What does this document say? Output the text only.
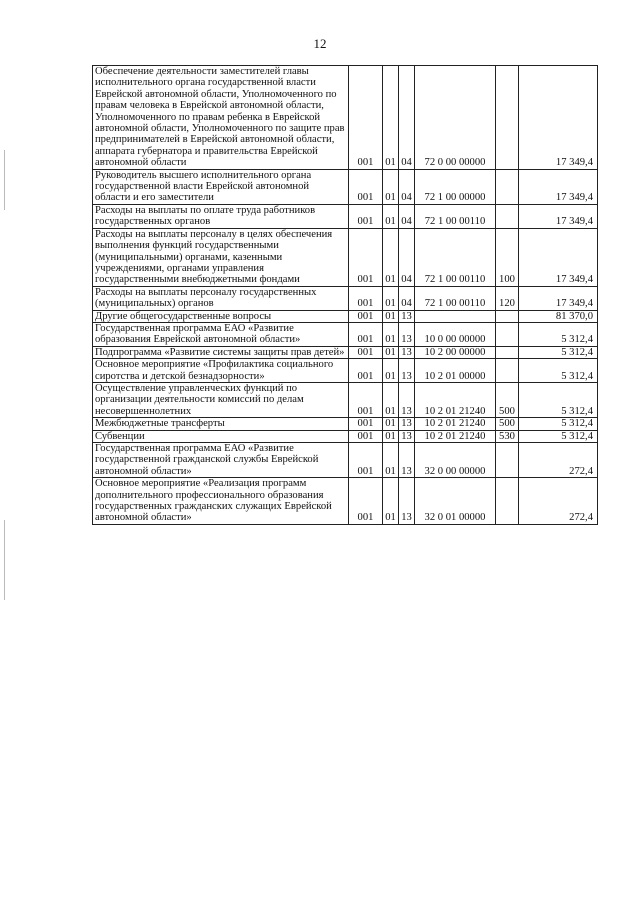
12
Обеспечение деятельности заместителей главы исполнительного органа государственной власти Еврейской автономной области, Уполномоченного по правам человека в Еврейской автономной области, Уполномоченного по правам ребенка в Еврейской автономной области, Уполномоченного по защите прав предпринимателей в Еврейской автономной области, аппарата губернатора и правительства Еврейской автономной области	001	01	04	72 0 00 00000		17 349,4
Руководитель высшего исполнительного органа государственной власти Еврейской автономной области и его заместители	001	01	04	72 1 00 00000		17 349,4
Расходы на выплаты по оплате труда работников государственных органов	001	01	04	72 1 00 00110		17 349,4
Расходы на выплаты персоналу в целях обеспечения выполнения функций государственными (муниципальными) органами, казенными учреждениями, органами управления государственными внебюджетными фондами	001	01	04	72 1 00 00110	100	17 349,4
Расходы на выплаты персоналу государственных (муниципальных) органов	001	01	04	72 1 00 00110	120	17 349,4
Другие общегосударственные вопросы	001	01	13			81 370,0
Государственная программа ЕАО «Развитие образования Еврейской автономной области»	001	01	13	10 0 00 00000		5 312,4
Подпрограмма «Развитие системы защиты прав детей»	001	01	13	10 2 00 00000		5 312,4
Основное мероприятие «Профилактика социального сиротства и детской безнадзорности»	001	01	13	10 2 01 00000		5 312,4
Осуществление управленческих функций по организации деятельности комиссий по делам несовершеннолетних	001	01	13	10 2 01 21240	500	5 312,4
Межбюджетные трансферты	001	01	13	10 2 01 21240	500	5 312,4
Субвенции	001	01	13	10 2 01 21240	530	5 312,4
Государственная программа ЕАО «Развитие государственной гражданской службы Еврейской автономной области»	001	01	13	32 0 00 00000		272,4
Основное мероприятие «Реализация программ дополнительного профессионального образования государственных гражданских служащих Еврейской автономной области»	001	01	13	32 0 01 00000		272,4
